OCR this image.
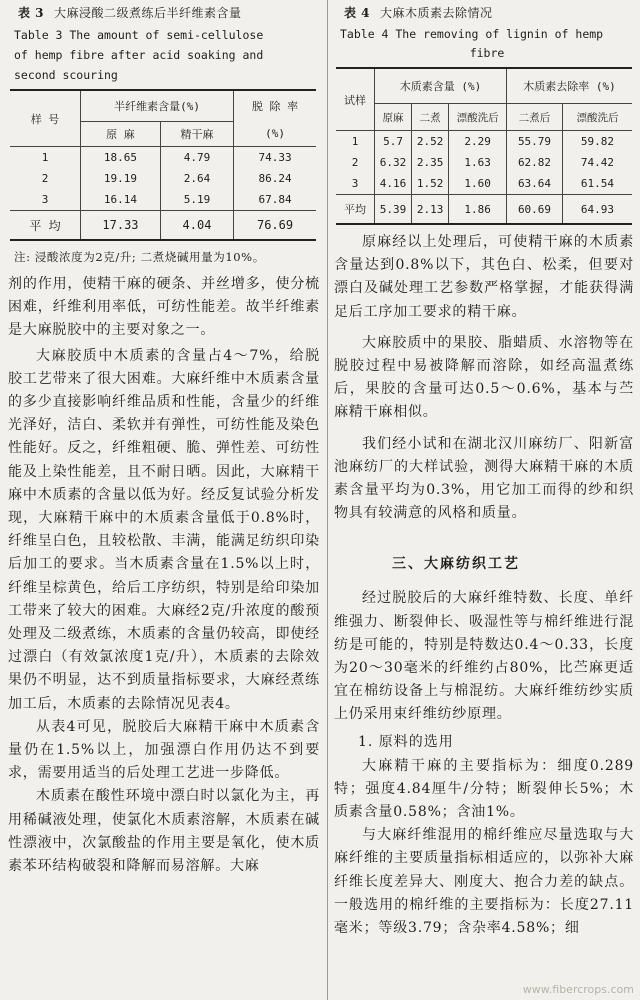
表 3 大麻浸酸二级煮练后半纤维素含量
Table 3 The amount of semi-cellulose
of hemp fibre after acid soaking and
second scouring
样 号	半纤维素含量(%)		脱 除 率
	原 麻	精干麻	(%)
1	18.65	4.79	74.33
2	19.19	2.64	86.24
3	16.14	5.19	67.84
平 均	17.33	4.04	76.69
注: 浸酸浓度为2克/升; 二煮烧碱用量为10%。

剂的作用，使精干麻的硬条、并丝增多，使分梳困难，纤维利用率低，可纺性能差。故半纤维素是大麻脱胶中的主要对象之一。

大麻胶质中木质素的含量占4～7%，给脱胶工艺带来了很大困难。大麻纤维中木质素含量的多少直接影响纤维品质和性能，含量少的纤维光泽好，洁白、柔软并有弹性，可纺性能及染色性能好。反之，纤维粗硬、脆、弹性差、可纺性能及上染性能差，且不耐日晒。因此，大麻精干麻中木质素的含量以低为好。经反复试验分析发现，大麻精干麻中的木质素含量低于0.8%时，纤维呈白色，且较松散、丰满，能满足纺织印染后加工的要求。当木质素含量在1.5%以上时，纤维呈棕黄色，给后工序纺织，特别是给印染加工带来了较大的困难。大麻经2克/升浓度的酸预处理及二级煮练，木质素的含量仍较高，即使经过漂白（有效氯浓度1克/升），木质素的去除效果仍不明显，达不到质量指标要求，大麻经煮练加工后，木质素的去除情况见表4。

从表4可见，脱胶后大麻精干麻中木质素含量仍在1.5%以上，加强漂白作用仍达不到要求，需要用适当的后处理工艺进一步降低。

木质素在酸性环境中漂白时以氯化为主，再用稀碱液处理，使氯化木质素溶解，木质素在碱性漂液中，次氯酸盐的作用主要是氧化，使木质素苯环结构破裂和降解而易溶解。大麻

表 4 大麻木质素去除情况
Table 4 The removing of lignin of hemp
fibre
试样	木质素含量 (%)			木质素去除率 (%)	
	原麻	二煮	漂酸洗后	二煮后	漂酸洗后
1	5.7	2.52	2.29	55.79	59.82
2	6.32	2.35	1.63	62.82	74.42
3	4.16	1.52	1.60	63.64	61.54
平均	5.39	2.13	1.86	60.69	64.93

原麻经以上处理后，可使精干麻的木质素含量达到0.8%以下，其色白、松柔，但要对漂白及碱处理工艺参数严格掌握，才能获得满足后工序加工要求的精干麻。

大麻胶质中的果胶、脂蜡质、水溶物等在脱胶过程中易被降解而溶除，如经高温煮练后，果胶的含量可达0.5～0.6%，基本与苎麻精干麻相似。

我们经小试和在湖北汉川麻纺厂、阳新富池麻纺厂的大样试验，测得大麻精干麻的木质素含量平均为0.3%，用它加工而得的纱和织物具有较满意的风格和质量。

三、大麻纺织工艺

经过脱胶后的大麻纤维特数、长度、单纤维强力、断裂伸长、吸湿性等与棉纤维进行混纺是可能的，特别是特数达0.4～0.33，长度为20～30毫米的纤维约占80%，比苎麻更适宜在棉纺设备上与棉混纺。大麻纤维纺纱实质上仍采用束纤维纺纱原理。

1. 原料的选用

大麻精干麻的主要指标为：细度0.289特；强度4.84厘牛/分特；断裂伸长5%；木质素含量0.58%；含油1%。

与大麻纤维混用的棉纤维应尽量选取与大麻纤维的主要质量指标相适应的，以弥补大麻纤维长度差异大、刚度大、抱合力差的缺点。一般选用的棉纤维的主要指标为：长度27.11毫米；等级3.79；含杂率4.58%；细

www.fibercrops.com
